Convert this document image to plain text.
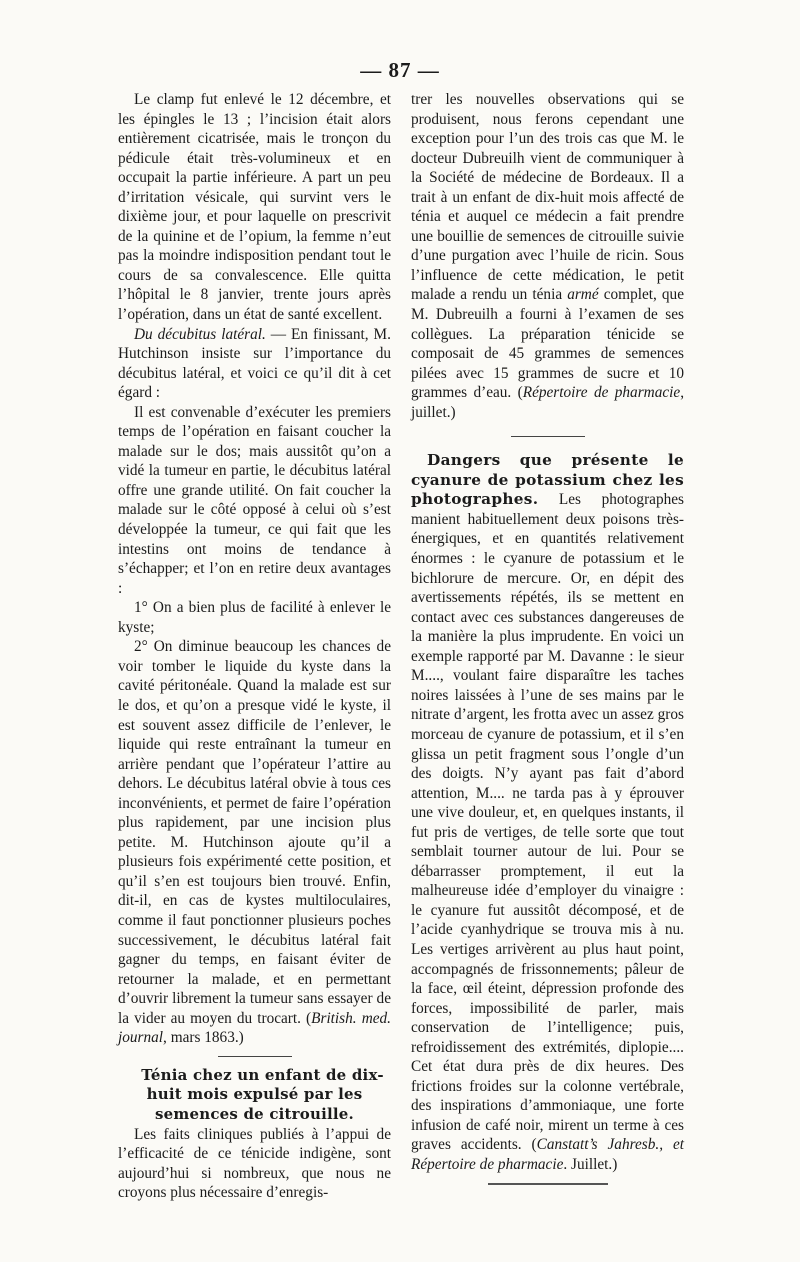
— 87 —

Le clamp fut enlevé le 12 décembre, et les épingles le 13 ; l’incision était alors entièrement cicatrisée, mais le tronçon du pédicule était très-volumineux et en occupait la partie inférieure. A part un peu d’irritation vésicale, qui survint vers le dixième jour, et pour laquelle on prescrivit de la quinine et de l’opium, la femme n’eut pas la moindre indisposition pendant tout le cours de sa convalescence. Elle quitta l’hôpital le 8 janvier, trente jours après l’opération, dans un état de santé excellent.

Du décubitus latéral. — En finissant, M. Hutchinson insiste sur l’importance du décubitus latéral, et voici ce qu’il dit à cet égard :

Il est convenable d’exécuter les premiers temps de l’opération en faisant coucher la malade sur le dos; mais aussitôt qu’on a vidé la tumeur en partie, le décubitus latéral offre une grande utilité. On fait coucher la malade sur le côté opposé à celui où s’est développée la tumeur, ce qui fait que les intestins ont moins de tendance à s’échapper; et l’on en retire deux avantages :

1° On a bien plus de facilité à enlever le kyste;

2° On diminue beaucoup les chances de voir tomber le liquide du kyste dans la cavité péritonéale. Quand la malade est sur le dos, et qu’on a presque vidé le kyste, il est souvent assez difficile de l’enlever, le liquide qui reste entraînant la tumeur en arrière pendant que l’opérateur l’attire au dehors. Le décubitus latéral obvie à tous ces inconvénients, et permet de faire l’opération plus rapidement, par une incision plus petite. M. Hutchinson ajoute qu’il a plusieurs fois expérimenté cette position, et qu’il s’en est toujours bien trouvé. Enfin, dit-il, en cas de kystes multiloculaires, comme il faut ponctionner plusieurs poches successivement, le décubitus latéral fait gagner du temps, en faisant éviter de retourner la malade, et en permettant d’ouvrir librement la tumeur sans essayer de la vider au moyen du trocart. (British. med. journal, mars 1863.)

Ténia chez un enfant de dix-huit mois expulsé par les semences de citrouille.

Les faits cliniques publiés à l’appui de l’efficacité de ce ténicide indigène, sont aujourd’hui si nombreux, que nous ne croyons plus nécessaire d’enregis-

trer les nouvelles observations qui se produisent, nous ferons cependant une exception pour l’un des trois cas que M. le docteur Dubreuilh vient de communiquer à la Société de médecine de Bordeaux. Il a trait à un enfant de dix-huit mois affecté de ténia et auquel ce médecin a fait prendre une bouillie de semences de citrouille suivie d’une purgation avec l’huile de ricin. Sous l’influence de cette médication, le petit malade a rendu un ténia armé complet, que M. Dubreuilh a fourni à l’examen de ses collègues. La préparation ténicide se composait de 45 grammes de semences pilées avec 15 grammes de sucre et 10 grammes d’eau. (Répertoire de pharmacie, juillet.)

Dangers que présente le cyanure de potassium chez les photographes. Les photographes manient habituellement deux poisons très-énergiques, et en quantités relativement énormes : le cyanure de potassium et le bichlorure de mercure. Or, en dépit des avertissements répétés, ils se mettent en contact avec ces substances dangereuses de la manière la plus imprudente. En voici un exemple rapporté par M. Davanne : le sieur M...., voulant faire disparaître les taches noires laissées à l’une de ses mains par le nitrate d’argent, les frotta avec un assez gros morceau de cyanure de potassium, et il s’en glissa un petit fragment sous l’ongle d’un des doigts. N’y ayant pas fait d’abord attention, M.... ne tarda pas à y éprouver une vive douleur, et, en quelques instants, il fut pris de vertiges, de telle sorte que tout semblait tourner autour de lui. Pour se débarrasser promptement, il eut la malheureuse idée d’employer du vinaigre : le cyanure fut aussitôt décomposé, et de l’acide cyanhydrique se trouva mis à nu. Les vertiges arrivèrent au plus haut point, accompagnés de frissonnements; pâleur de la face, œil éteint, dépression profonde des forces, impossibilité de parler, mais conservation de l’intelligence; puis, refroidissement des extrémités, diplopie.... Cet état dura près de dix heures. Des frictions froides sur la colonne vertébrale, des inspirations d’ammoniaque, une forte infusion de café noir, mirent un terme à ces graves accidents. (Canstatt’s Jahresb., et Répertoire de pharmacie. Juillet.)
